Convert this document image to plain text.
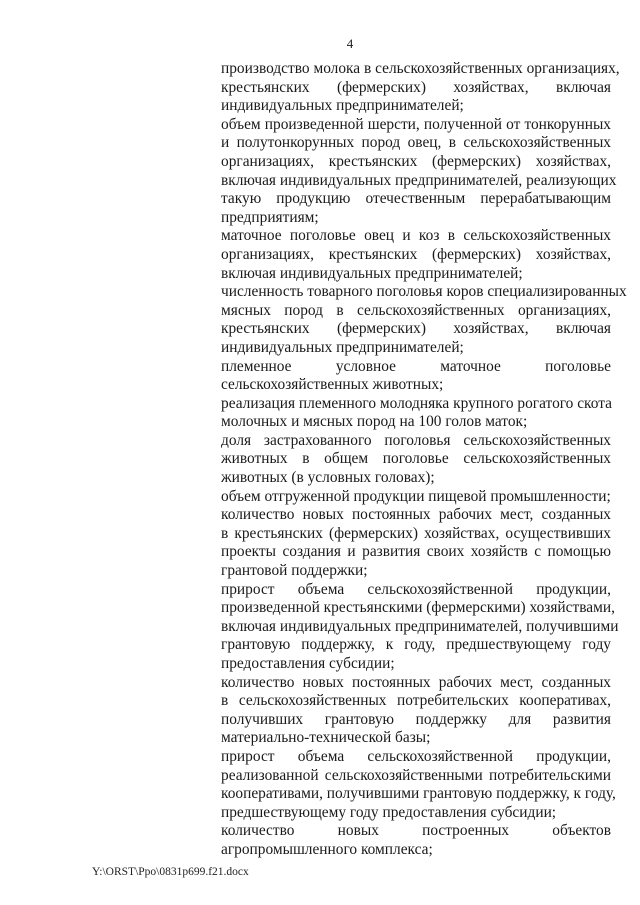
4
производство молока в сельскохозяйственных организациях,
крестьянских (фермерских) хозяйствах, включая
индивидуальных предпринимателей;
объем произведенной шерсти, полученной от тонкорунных
и полутонкорунных пород овец, в сельскохозяйственных
организациях, крестьянских (фермерских) хозяйствах,
включая индивидуальных предпринимателей, реализующих
такую продукцию отечественным перерабатывающим
предприятиям;
маточное поголовье овец и коз в сельскохозяйственных
организациях, крестьянских (фермерских) хозяйствах,
включая индивидуальных предпринимателей;
численность товарного поголовья коров специализированных
мясных пород в сельскохозяйственных организациях,
крестьянских (фермерских) хозяйствах, включая
индивидуальных предпринимателей;
племенное условное маточное поголовье
сельскохозяйственных животных;
реализация племенного молодняка крупного рогатого скота
молочных и мясных пород на 100 голов маток;
доля застрахованного поголовья сельскохозяйственных
животных в общем поголовье сельскохозяйственных
животных (в условных головах);
объем отгруженной продукции пищевой промышленности;
количество новых постоянных рабочих мест, созданных
в крестьянских (фермерских) хозяйствах, осуществивших
проекты создания и развития своих хозяйств с помощью
грантовой поддержки;
прирост объема сельскохозяйственной продукции,
произведенной крестьянскими (фермерскими) хозяйствами,
включая индивидуальных предпринимателей, получившими
грантовую поддержку, к году, предшествующему году
предоставления субсидии;
количество новых постоянных рабочих мест, созданных
в сельскохозяйственных потребительских кооперативах,
получивших грантовую поддержку для развития
материально-технической базы;
прирост объема сельскохозяйственной продукции,
реализованной сельскохозяйственными потребительскими
кооперативами, получившими грантовую поддержку, к году,
предшествующему году предоставления субсидии;
количество новых построенных объектов
агропромышленного комплекса;
Y:\ORST\Ppo\0831p699.f21.docx
